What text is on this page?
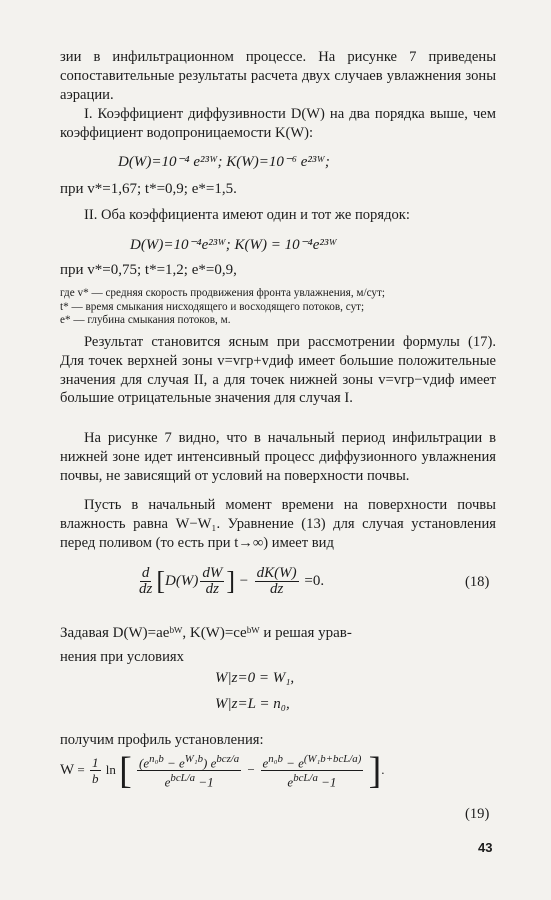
зии в инфильтрационном процессе. На рисунке 7 приведены сопоставительные результаты расчета двух случаев увлажнения зоны аэрации.

I. Коэффициент диффузивности D(W) на два порядка выше, чем коэффициент водопроницаемости K(W):

D(W)=10⁻⁴ e²³ᵂ; K(W)=10⁻⁶ e²³ᵂ;
при v*=1,67; t*=0,9; e*=1,5.

II. Оба коэффициента имеют один и тот же порядок:

D(W)=10⁻⁴e²³ᵂ; K(W) = 10⁻⁴e²³ᵂ
при v*=0,75; t*=1,2; e*=0,9,
где v* — средняя скорость продвижения фронта увлажнения, м/сут;
t* — время смыкания нисходящего и восходящего потоков, сут;
e* — глубина смыкания потоков, м.

Результат становится ясным при рассмотрении формулы (17). Для точек верхней зоны v=vгр+vдиф имеет большие положительные значения для случая II, а для точек нижней зоны v=vгр−vдиф имеет большие отрицательные значения для случая I.

На рисунке 7 видно, что в начальный период инфильтрации в нижней зоне идет интенсивный процесс диффузионного увлажнения почвы, не зависящий от условий на поверхности почвы.

Пусть в начальный момент времени на поверхности почвы влажность равна W−W₁. Уравнение (13) для случая установления перед поливом (то есть при t→∞) имеет вид

$\frac{d}{dz} [D(W) \frac{dW}{dz}$ ] − $\frac{dK(W)}{dz} =0$.	(18)
Задавая D(W)=aeᵇᵂ, K(W)=ceᵇᵂ и решая урав-
нения при условиях
W|z=0 = W₁,
W|z=L = n₀,
получим профиль установления:
$W = \frac{1}{b}$ ln [ $\frac{(e^{n_0b} - e^{W_1b}) e^{bcz/a}}{e^{bcL/a} -1} - \frac{e^{n_0b} - e^{(W_1b+bcL/a)}}{e^{bcL/a} -1}$ ].
(19)
43
